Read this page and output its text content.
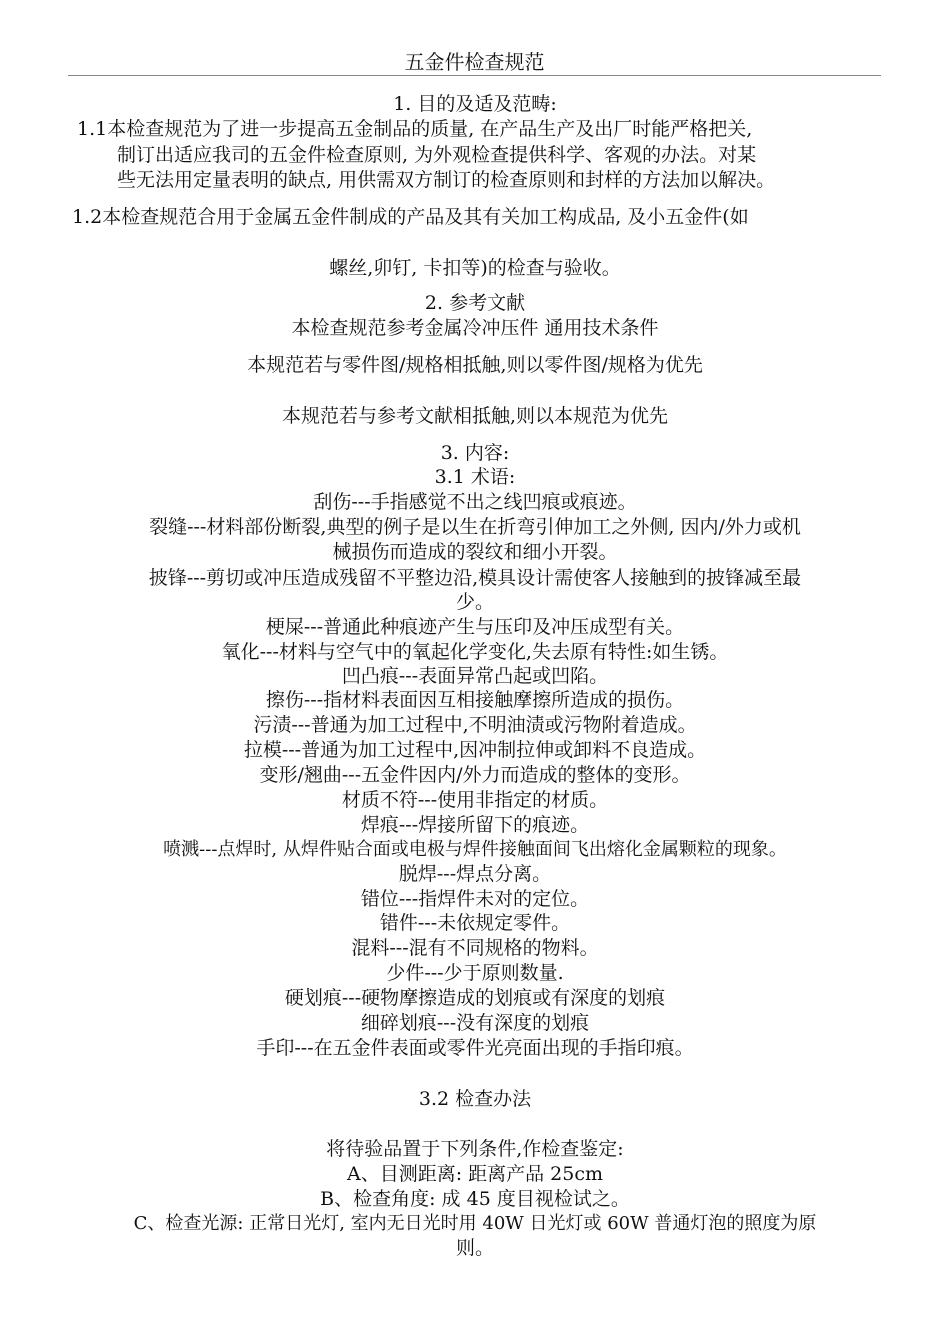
五金件检查规范
1. 目的及适及范畴:
1.1本检查规范为了进一步提高五金制品的质量, 在产品生产及出厂时能严格把关,
制订出适应我司的五金件检查原则, 为外观检查提供科学、客观的办法。对某
些无法用定量表明的缺点, 用供需双方制订的检查原则和封样的方法加以解决。
1.2本检查规范合用于金属五金件制成的产品及其有关加工构成品, 及小五金件(如
螺丝,卯钉, 卡扣等)的检查与验收。
2. 参考文献
本检查规范参考金属冷冲压件 通用技术条件
本规范若与零件图/规格相抵触,则以零件图/规格为优先
本规范若与参考文献相抵触,则以本规范为优先
3. 内容:
3.1 术语:
刮伤---手指感觉不出之线凹痕或痕迹。
裂缝---材料部份断裂,典型的例子是以生在折弯引伸加工之外侧, 因内/外力或机
械损伤而造成的裂纹和细小开裂。
披锋---剪切或冲压造成残留不平整边沿,模具设计需使客人接触到的披锋减至最
少。
梗屎---普通此种痕迹产生与压印及冲压成型有关。
氧化---材料与空气中的氧起化学变化,失去原有特性:如生锈。
凹凸痕---表面异常凸起或凹陷。
擦伤---指材料表面因互相接触摩擦所造成的损伤。
污渍---普通为加工过程中,不明油渍或污物附着造成。
拉模---普通为加工过程中,因冲制拉伸或卸料不良造成。
变形/翘曲---五金件因内/外力而造成的整体的变形。
材质不符---使用非指定的材质。
焊痕---焊接所留下的痕迹。
喷溅---点焊时, 从焊件贴合面或电极与焊件接触面间飞出熔化金属颗粒的现象。
脱焊---焊点分离。
错位---指焊件未对的定位。
错件---未依规定零件。
混料---混有不同规格的物料。
少件---少于原则数量.
硬划痕---硬物摩擦造成的划痕或有深度的划痕
细碎划痕---没有深度的划痕
手印---在五金件表面或零件光亮面出现的手指印痕。
3.2 检查办法
将待验品置于下列条件,作检查鉴定:
A、目测距离: 距离产品 25cm
B、检查角度: 成 45 度目视检试之。
C、检查光源: 正常日光灯, 室内无日光时用 40W 日光灯或 60W 普通灯泡的照度为原
则。
